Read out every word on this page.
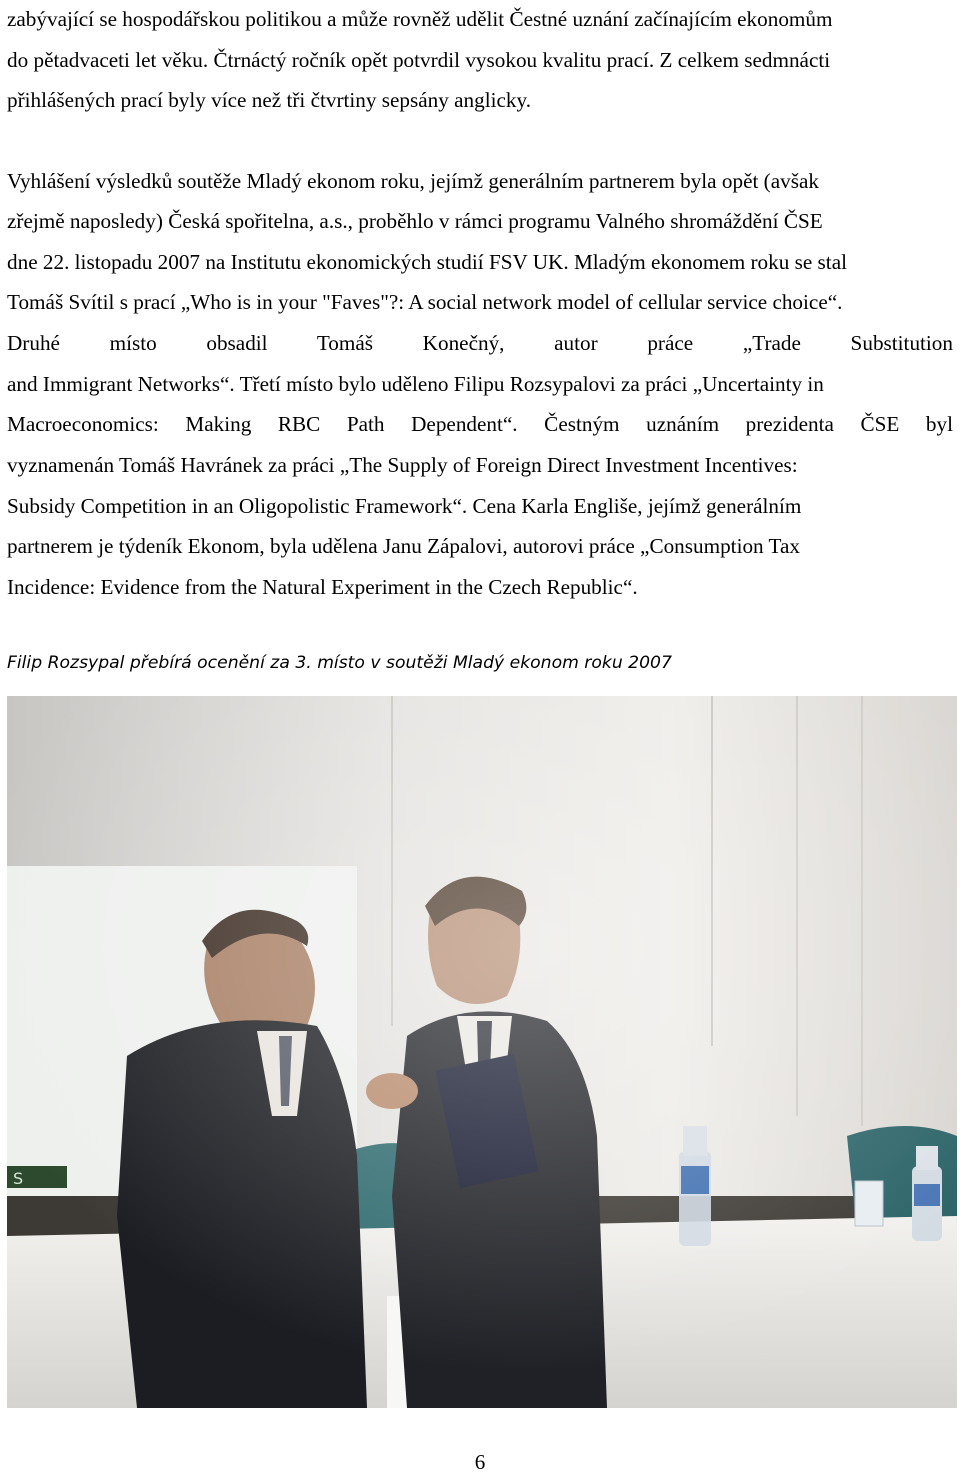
zabývající se hospodářskou politikou a může rovněž udělit Čestné uznání začínajícím ekonomům
do pětadvaceti let věku. Čtrnáctý ročník opět potvrdil vysokou kvalitu prací. Z celkem sedmnácti
přihlášených prací byly více než tři čtvrtiny sepsány anglicky.
Vyhlášení výsledků soutěže Mladý ekonom roku, jejímž generálním partnerem byla opět (avšak
zřejmě naposledy) Česká spořitelna, a.s., proběhlo v rámci programu Valného shromáždění ČSE
dne 22. listopadu 2007 na Institutu ekonomických studií FSV UK. Mladým ekonomem roku se stal
Tomáš Svítil s prací „Who is in your "Faves"?: A social network model of cellular service choice“.
Druhé místo obsadil Tomáš Konečný, autor práce „Trade Substitution
and Immigrant Networks“. Třetí místo bylo uděleno Filipu Rozsypalovi za práci „Uncertainty in
Macroeconomics: Making RBC Path Dependent“. Čestným uznáním prezidenta ČSE byl
vyznamenán Tomáš Havránek za práci „The Supply of Foreign Direct Investment Incentives:
Subsidy Competition in an Oligopolistic Framework“. Cena Karla Engliše, jejímž generálním
partnerem je týdeník Ekonom, byla udělena Janu Zápalovi, autorovi práce „Consumption Tax
Incidence: Evidence from the Natural Experiment in the Czech Republic“.
Filip Rozsypal přebírá ocenění za 3. místo v soutěži Mladý ekonom roku 2007
6
